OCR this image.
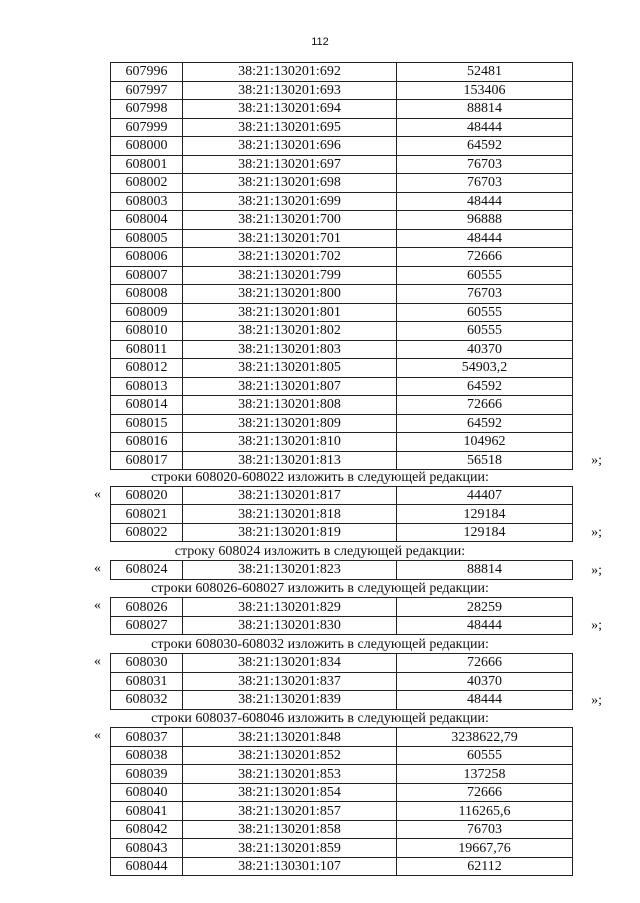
112
607996	38:21:130201:692	52481
607997	38:21:130201:693	153406
607998	38:21:130201:694	88814
607999	38:21:130201:695	48444
608000	38:21:130201:696	64592
608001	38:21:130201:697	76703
608002	38:21:130201:698	76703
608003	38:21:130201:699	48444
608004	38:21:130201:700	96888
608005	38:21:130201:701	48444
608006	38:21:130201:702	72666
608007	38:21:130201:799	60555
608008	38:21:130201:800	76703
608009	38:21:130201:801	60555
608010	38:21:130201:802	60555
608011	38:21:130201:803	40370
608012	38:21:130201:805	54903,2
608013	38:21:130201:807	64592
608014	38:21:130201:808	72666
608015	38:21:130201:809	64592
608016	38:21:130201:810	104962
608017	38:21:130201:813	56518	»;
строки 608020-608022 изложить в следующей редакции:
608020	38:21:130201:817	44407
608021	38:21:130201:818	129184
608022	38:21:130201:819	129184
«
»;
строку 608024 изложить в следующей редакции:
608024	38:21:130201:823	88814
«	»;
строки 608026-608027 изложить в следующей редакции:
608026	38:21:130201:829	28259
608027	38:21:130201:830	48444
«
»;
строки 608030-608032 изложить в следующей редакции:
608030	38:21:130201:834	72666
608031	38:21:130201:837	40370
608032	38:21:130201:839	48444
«
»;
строки 608037-608046 изложить в следующей редакции:
608037	38:21:130201:848	3238622,79
608038	38:21:130201:852	60555
608039	38:21:130201:853	137258
608040	38:21:130201:854	72666
608041	38:21:130201:857	116265,6
608042	38:21:130201:858	76703
608043	38:21:130201:859	19667,76
608044	38:21:130301:107	62112
«
